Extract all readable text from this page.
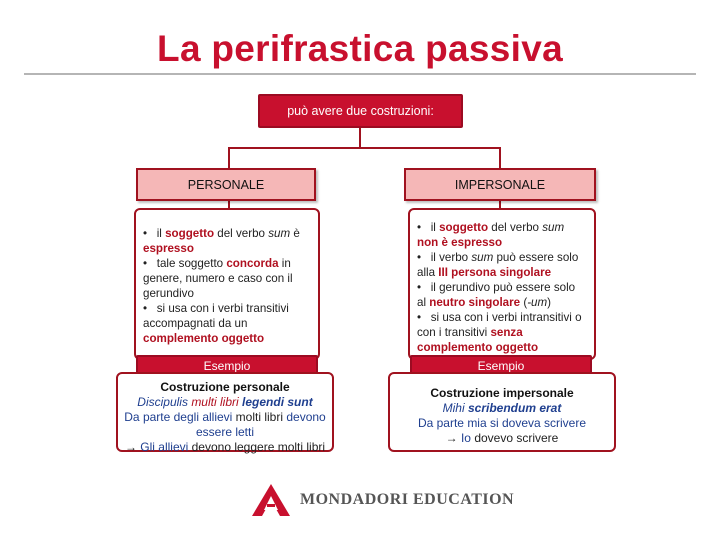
La perifrastica passiva
può avere due costruzioni:
PERSONALE	IMPERSONALE
•   il soggetto del verbo sum è espresso
•   tale soggetto concorda in genere, numero e caso con il gerundivo
•   si usa con i verbi transitivi accompagnati da un complemento oggetto
•   il soggetto del verbo sum non è espresso
•   il verbo sum può essere solo alla III persona singolare
•   il gerundivo può essere solo al neutro singolare (-um)
•   si usa con i verbi intransitivi o con i transitivi senza complemento oggetto
Esempio	Esempio
Costruzione personale
Discipulis multi libri legendi sunt
Da parte degli allievi molti libri devono essere letti
→ Gli allievi devono leggere molti libri
Costruzione impersonale
Mihi scribendum erat
Da parte mia si doveva scrivere
→ Io dovevo scrivere
MONDADORI EDUCATION
